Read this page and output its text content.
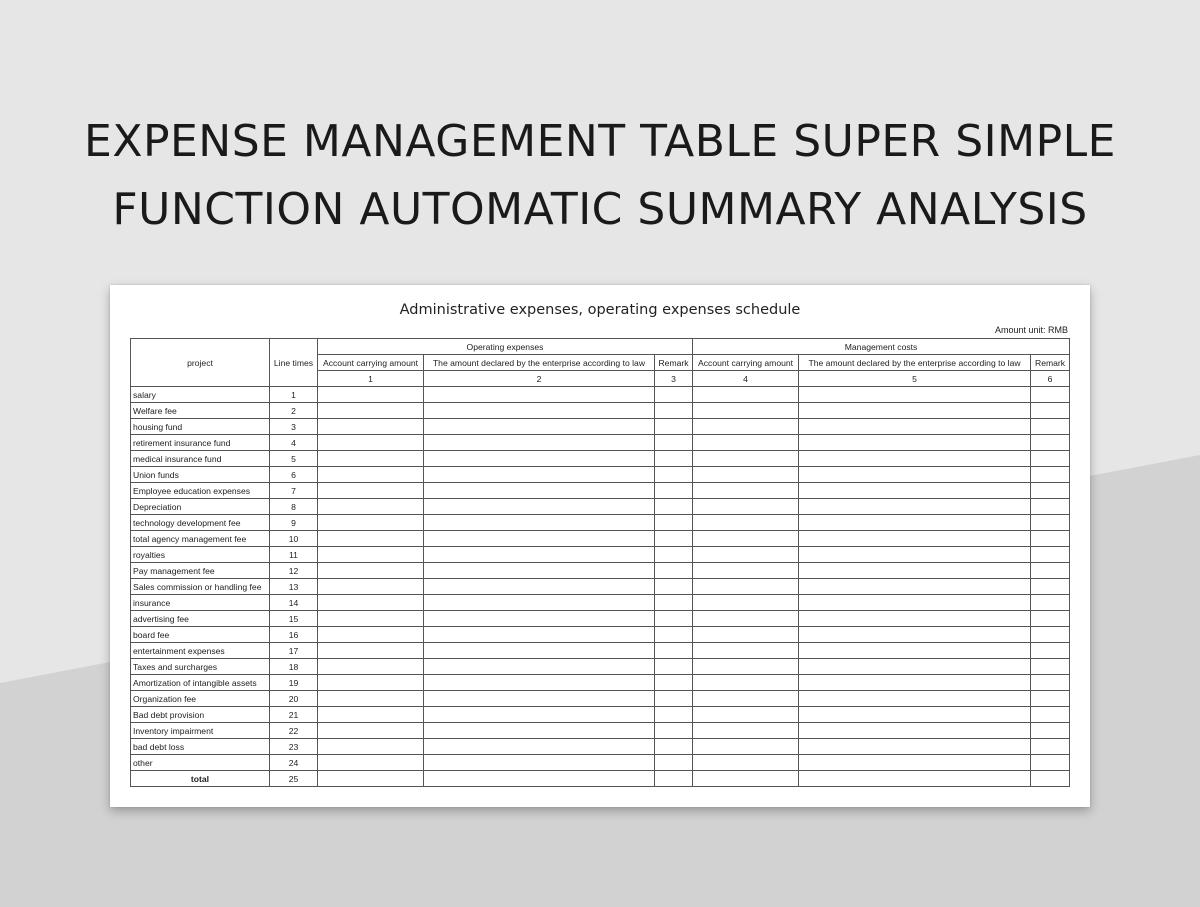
EXPENSE MANAGEMENT TABLE SUPER SIMPLE
FUNCTION AUTOMATIC SUMMARY ANALYSIS
Administrative expenses, operating expenses schedule
Amount unit: RMB
project	Line times	Operating expenses			Management costs		
		Account carrying amount	The amount declared by the enterprise according to law	Remark	Account carrying amount	The amount declared by the enterprise according to law	Remark
		1	2	3	4	5	6
salary	1						
Welfare fee	2						
housing fund	3						
retirement insurance fund	4						
medical insurance fund	5						
Union funds	6						
Employee education expenses	7						
Depreciation	8						
technology development fee	9						
total agency management fee	10						
royalties	11						
Pay management fee	12						
Sales commission or handling fee	13						
insurance	14						
advertising fee	15						
board fee	16						
entertainment expenses	17						
Taxes and surcharges	18						
Amortization of intangible assets	19						
Organization fee	20						
Bad debt provision	21						
Inventory impairment	22						
bad debt loss	23						
other	24						
total	25						
